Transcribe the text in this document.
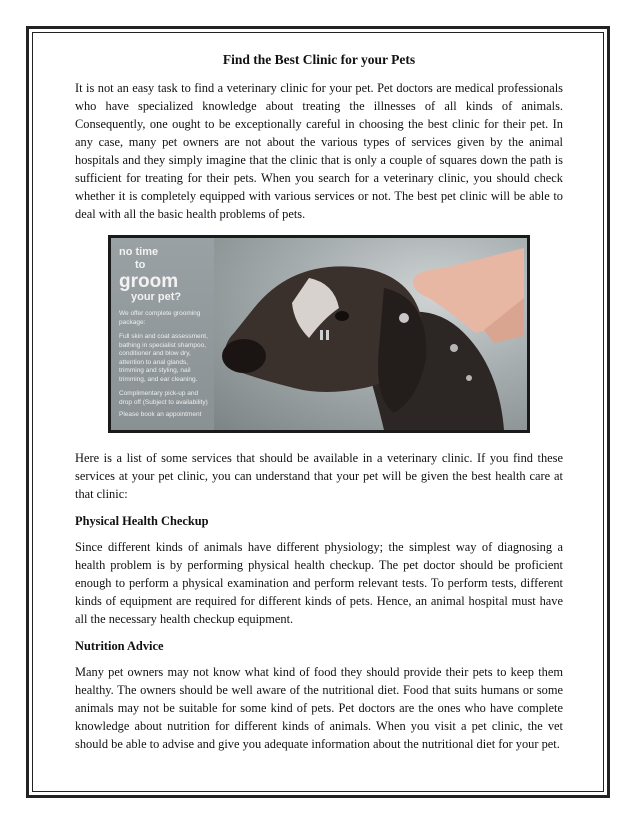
Find the Best Clinic for your Pets

It is not an easy task to find a veterinary clinic for your pet. Pet doctors are medical professionals who have specialized knowledge about treating the illnesses of all kinds of animals. Consequently, one ought to be exceptionally careful in choosing the best clinic for their pet. In any case, many pet owners are not about the various types of services given by the animal hospitals and they simply imagine that the clinic that is only a couple of squares down the path is sufficient for treating for their pets. When you search for a veterinary clinic, you should check whether it is completely equipped with various services or not. The best pet clinic will be able to deal with all the basic health problems of pets.

no time
to
groom
your pet?
We offer complete grooming package:
Full skin and coat assessment, bathing in specialist shampoo, conditioner and blow dry, attention to anal glands, trimming and styling, nail trimming, and ear cleaning.
Complimentary pick-up and drop off (Subject to availability)
Please book an appointment

Here is a list of some services that should be available in a veterinary clinic. If you find these services at your pet clinic, you can understand that your pet will be given the best health care at that clinic:

Physical Health Checkup

Since different kinds of animals have different physiology; the simplest way of diagnosing a health problem is by performing physical health checkup. The pet doctor should be proficient enough to perform a physical examination and perform relevant tests. To perform tests, different kinds of equipment are required for different kinds of pets. Hence, an animal hospital must have all the necessary health checkup equipment.

Nutrition Advice

Many pet owners may not know what kind of food they should provide their pets to keep them healthy. The owners should be well aware of the nutritional diet. Food that suits humans or some animals may not be suitable for some kind of pets. Pet doctors are the ones who have complete knowledge about nutrition for different kinds of animals. When you visit a pet clinic, the vet should be able to advise and give you adequate information about the nutritional diet for your pet.
